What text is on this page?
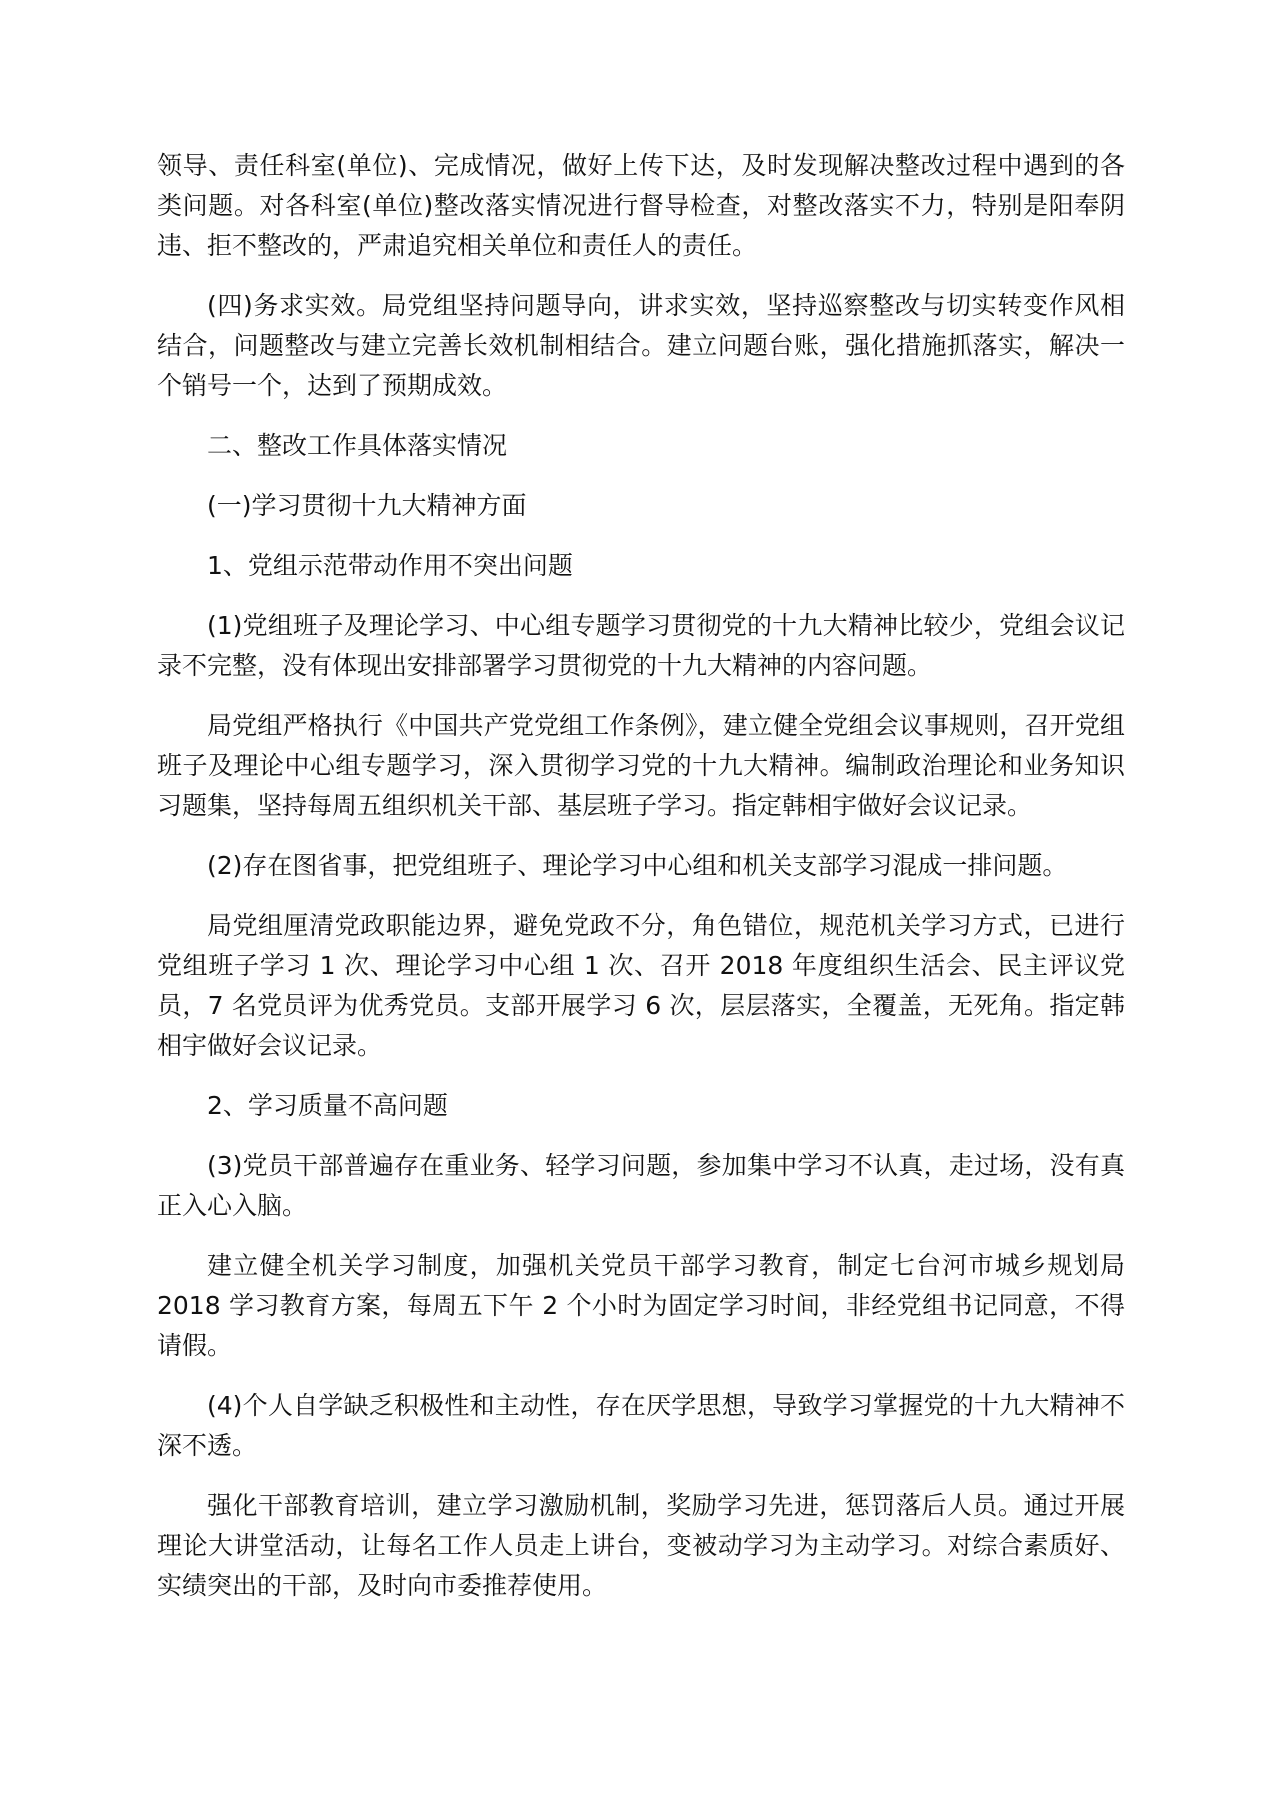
领导、责任科室(单位)、完成情况，做好上传下达，及时发现解决整改过程中遇到的各类问题。对各科室(单位)整改落实情况进行督导检查，对整改落实不力，特别是阳奉阴违、拒不整改的，严肃追究相关单位和责任人的责任。

(四)务求实效。局党组坚持问题导向，讲求实效，坚持巡察整改与切实转变作风相结合，问题整改与建立完善长效机制相结合。建立问题台账，强化措施抓落实，解决一个销号一个，达到了预期成效。

二、整改工作具体落实情况

(一)学习贯彻十九大精神方面

1、党组示范带动作用不突出问题

(1)党组班子及理论学习、中心组专题学习贯彻党的十九大精神比较少，党组会议记录不完整，没有体现出安排部署学习贯彻党的十九大精神的内容问题。

局党组严格执行《中国共产党党组工作条例》，建立健全党组会议事规则，召开党组班子及理论中心组专题学习，深入贯彻学习党的十九大精神。编制政治理论和业务知识习题集，坚持每周五组织机关干部、基层班子学习。指定韩相宇做好会议记录。

(2)存在图省事，把党组班子、理论学习中心组和机关支部学习混成一排问题。

局党组厘清党政职能边界，避免党政不分，角色错位，规范机关学习方式，已进行党组班子学习 1 次、理论学习中心组 1 次、召开 2018 年度组织生活会、民主评议党员，7 名党员评为优秀党员。支部开展学习 6 次，层层落实，全覆盖，无死角。指定韩相宇做好会议记录。

2、学习质量不高问题

(3)党员干部普遍存在重业务、轻学习问题，参加集中学习不认真，走过场，没有真正入心入脑。

建立健全机关学习制度，加强机关党员干部学习教育，制定七台河市城乡规划局 2018 学习教育方案，每周五下午 2 个小时为固定学习时间，非经党组书记同意，不得请假。

(4)个人自学缺乏积极性和主动性，存在厌学思想，导致学习掌握党的十九大精神不深不透。

强化干部教育培训，建立学习激励机制，奖励学习先进，惩罚落后人员。通过开展理论大讲堂活动，让每名工作人员走上讲台，变被动学习为主动学习。对综合素质好、实绩突出的干部，及时向市委推荐使用。
